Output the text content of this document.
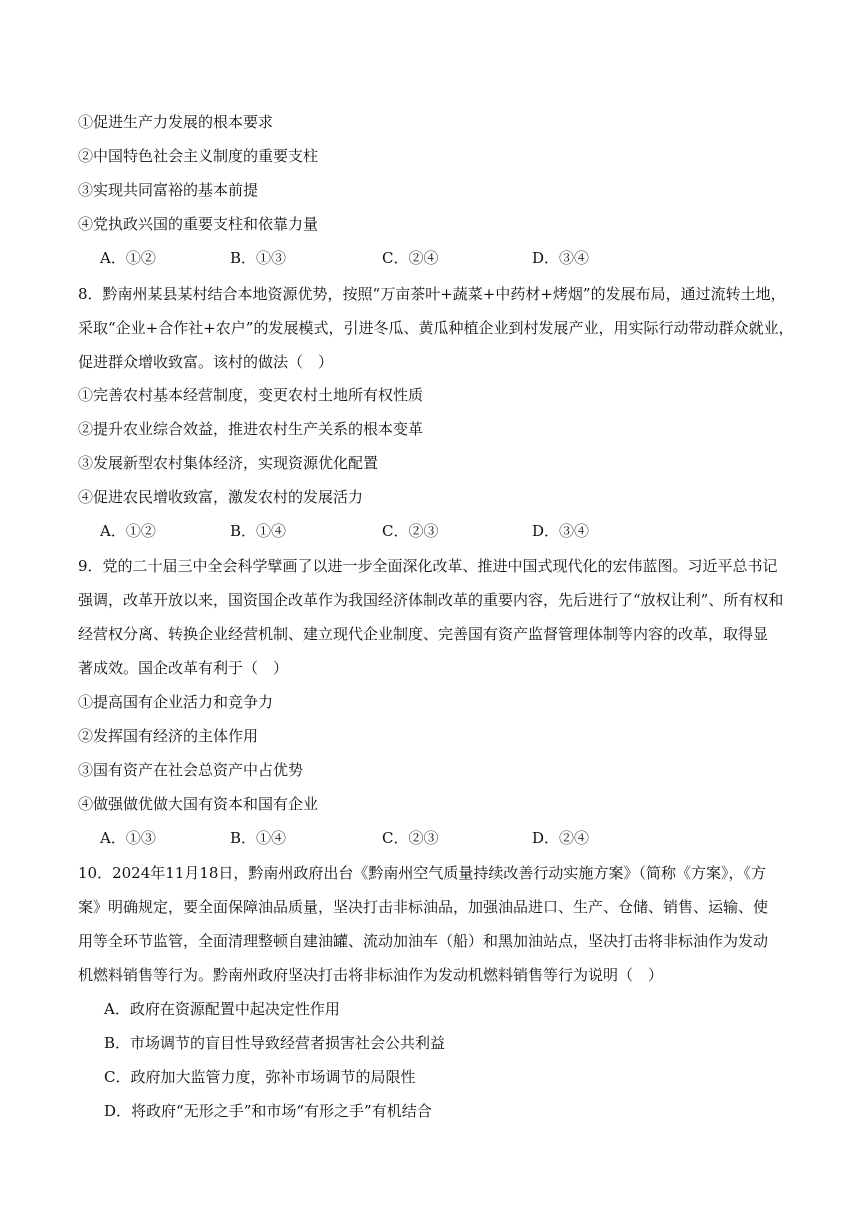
①促进生产力发展的根本要求
②中国特色社会主义制度的重要支柱
③实现共同富裕的基本前提
④党执政兴国的重要支柱和依靠力量
A．①②	B．①③	C．②④	D．③④
8．黔南州某县某村结合本地资源优势，按照“万亩茶叶+蔬菜+中药材+烤烟”的发展布局，通过流转土地，
采取“企业+合作社+农户”的发展模式，引进冬瓜、黄瓜种植企业到村发展产业，用实际行动带动群众就业，
促进群众增收致富。该村的做法（　）
①完善农村基本经营制度，变更农村土地所有权性质
②提升农业综合效益，推进农村生产关系的根本变革
③发展新型农村集体经济，实现资源优化配置
④促进农民增收致富，激发农村的发展活力
A．①②	B．①④	C．②③	D．③④
9．党的二十届三中全会科学擘画了以进一步全面深化改革、推进中国式现代化的宏伟蓝图。习近平总书记
强调，改革开放以来，国资国企改革作为我国经济体制改革的重要内容，先后进行了“放权让利”、所有权和
经营权分离、转换企业经营机制、建立现代企业制度、完善国有资产监督管理体制等内容的改革，取得显
著成效。国企改革有利于（　）
①提高国有企业活力和竞争力
②发挥国有经济的主体作用
③国有资产在社会总资产中占优势
④做强做优做大国有资本和国有企业
A．①③	B．①④	C．②③	D．②④
10．2024年11月18日，黔南州政府出台《黔南州空气质量持续改善行动实施方案》（简称《方案》，《方
案》明确规定，要全面保障油品质量，坚决打击非标油品，加强油品进口、生产、仓储、销售、运输、使
用等全环节监管，全面清理整顿自建油罐、流动加油车（船）和黑加油站点，坚决打击将非标油作为发动
机燃料销售等行为。黔南州政府坚决打击将非标油作为发动机燃料销售等行为说明（　）
A．政府在资源配置中起决定性作用
B．市场调节的盲目性导致经营者损害社会公共利益
C．政府加大监管力度，弥补市场调节的局限性
D．将政府“无形之手”和市场“有形之手”有机结合
